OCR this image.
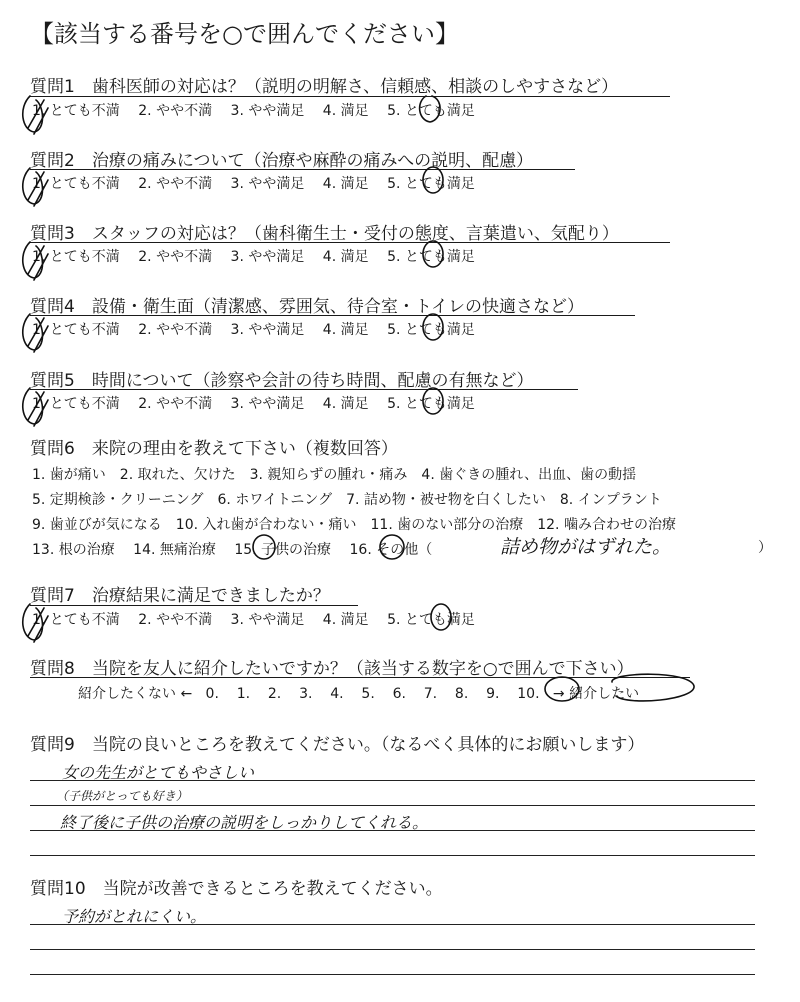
【該当する番号を○で囲んでください】
質問1　歯科医師の対応は？（説明の明解さ、信頼感、相談のしやすさなど）
1. とても不満　 2. やや不満　 3. やや満足　 4. 満足　 5. とても満足
質問2　治療の痛みについて（治療や麻酔の痛みへの説明、配慮）
1. とても不満　 2. やや不満　 3. やや満足　 4. 満足　 5. とても満足
質問3　スタッフの対応は？（歯科衛生士・受付の態度、言葉遣い、気配り）
1. とても不満　 2. やや不満　 3. やや満足　 4. 満足　 5. とても満足
質問4　設備・衛生面（清潔感、雰囲気、待合室・トイレの快適さなど）
1. とても不満　 2. やや不満　 3. やや満足　 4. 満足　 5. とても満足
質問5　時間について（診察や会計の待ち時間、配慮の有無など）
1. とても不満　 2. やや不満　 3. やや満足　 4. 満足　 5. とても満足
質問6　来院の理由を教えて下さい（複数回答）
1. 歯が痛い　2. 取れた、欠けた　3. 親知らずの腫れ・痛み　4. 歯ぐきの腫れ、出血、歯の動揺
5. 定期検診・クリーニング　6. ホワイトニング　7. 詰め物・被せ物を白くしたい　8. インプラント
9. 歯並びが気になる　10. 入れ歯が合わない・痛い　11. 歯のない部分の治療　12. 噛み合わせの治療
13. 根の治療　 14. 無痛治療　 15. 子供の治療　 16. その他（	詰め物がはずれた。	）
質問7　治療結果に満足できましたか？
1. とても不満　 2. やや不満　 3. やや満足　 4. 満足　 5. とても満足
質問8　当院を友人に紹介したいですか？（該当する数字を○で囲んで下さい）
紹介したくない ← 0. 1. 2. 3. 4. 5. 6. 7. 8. 9. 10. → 紹介したい
質問9　当院の良いところを教えてください。（なるべく具体的にお願いします）
女の先生がとてもやさしい
（子供がとっても好き）
終了後に子供の治療の説明をしっかりしてくれる。
質問10　当院が改善できるところを教えてください。
予約がとれにくい。
